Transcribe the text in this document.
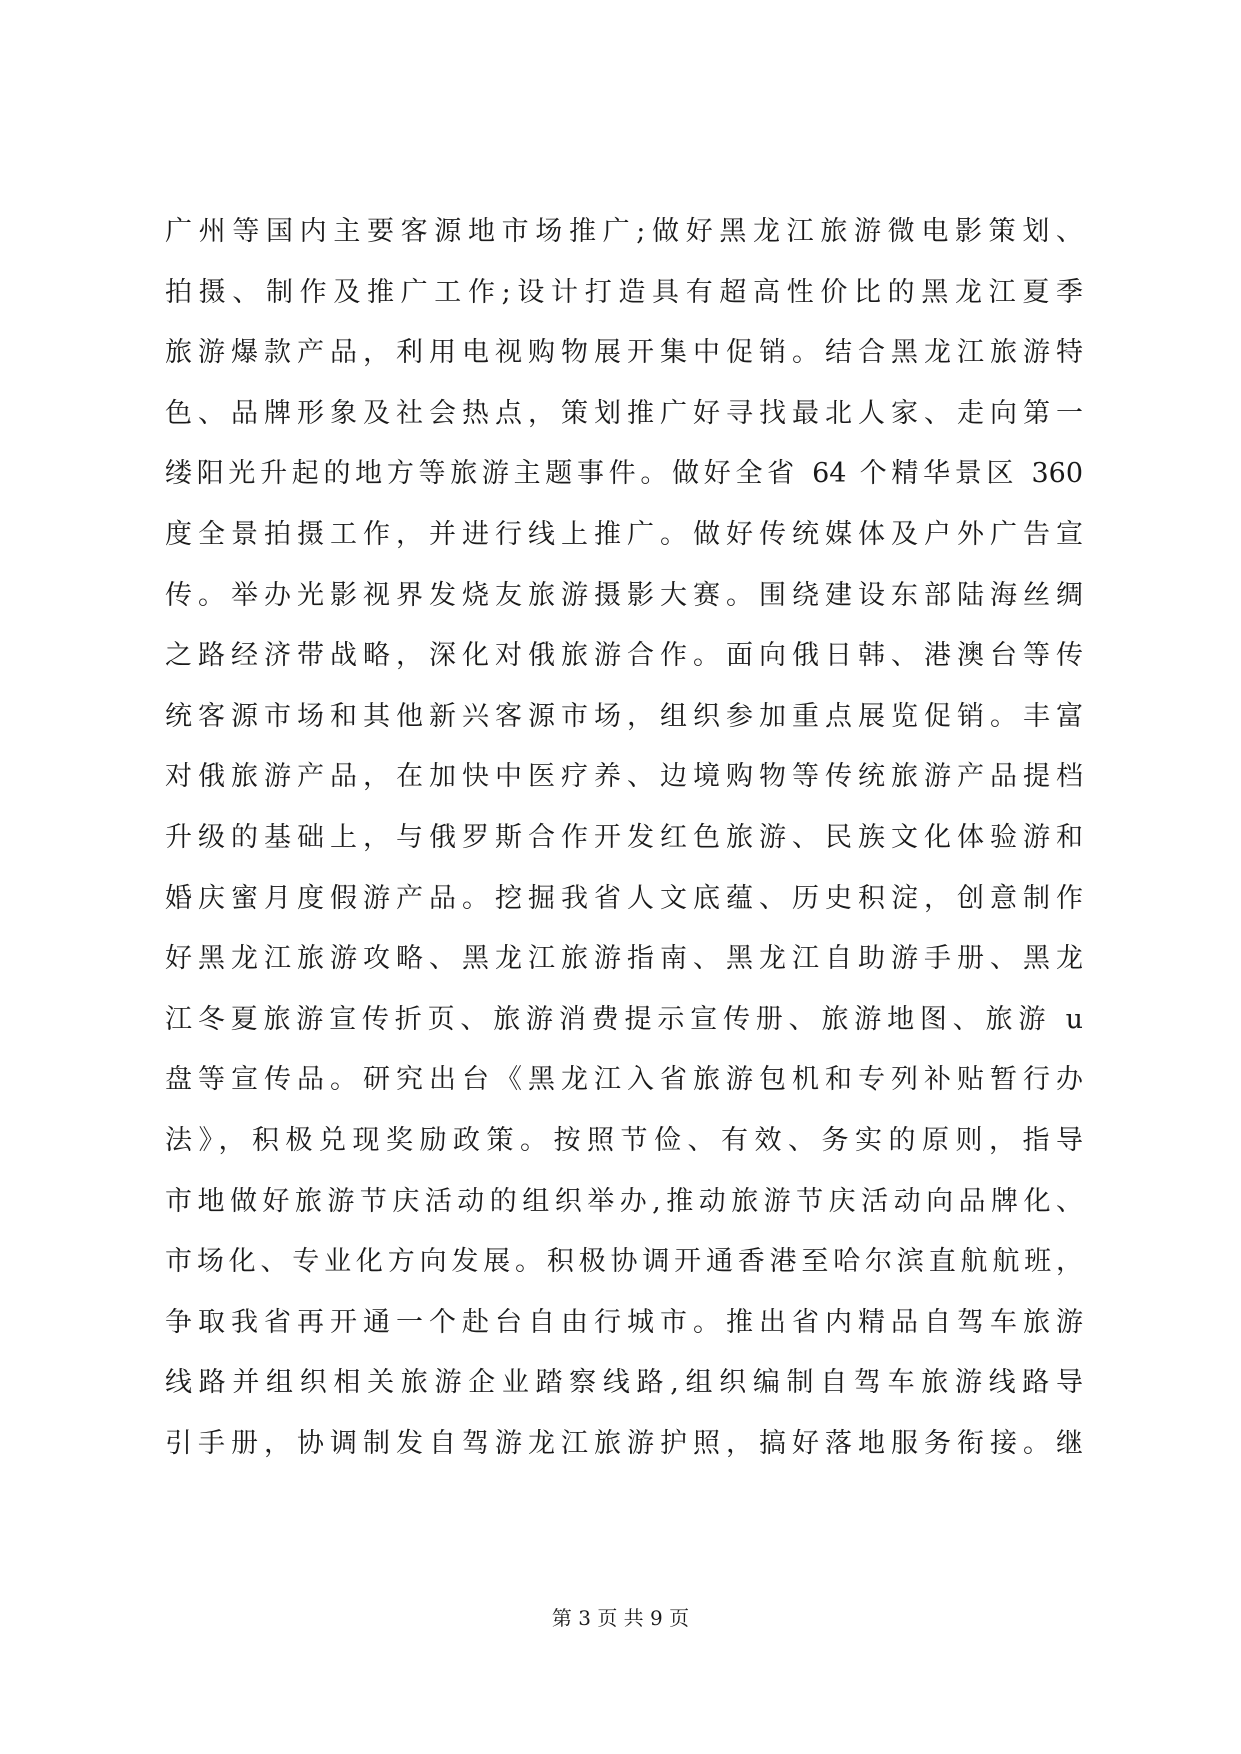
广州等国内主要客源地市场推广;做好黑龙江旅游微电影策划、
拍摄、制作及推广工作;设计打造具有超高性价比的黑龙江夏季
旅游爆款产品，利用电视购物展开集中促销。结合黑龙江旅游特
色、品牌形象及社会热点，策划推广好寻找最北人家、走向第一
缕阳光升起的地方等旅游主题事件。做好全省 64 个精华景区 360
度全景拍摄工作，并进行线上推广。做好传统媒体及户外广告宣
传。举办光影视界发烧友旅游摄影大赛。围绕建设东部陆海丝绸
之路经济带战略，深化对俄旅游合作。面向俄日韩、港澳台等传
统客源市场和其他新兴客源市场，组织参加重点展览促销。丰富
对俄旅游产品，在加快中医疗养、边境购物等传统旅游产品提档
升级的基础上，与俄罗斯合作开发红色旅游、民族文化体验游和
婚庆蜜月度假游产品。挖掘我省人文底蕴、历史积淀，创意制作
好黑龙江旅游攻略、黑龙江旅游指南、黑龙江自助游手册、黑龙
江冬夏旅游宣传折页、旅游消费提示宣传册、旅游地图、旅游 u
盘等宣传品。研究出台《黑龙江入省旅游包机和专列补贴暂行办
法》，积极兑现奖励政策。按照节俭、有效、务实的原则，指导
市地做好旅游节庆活动的组织举办,推动旅游节庆活动向品牌化、
市场化、专业化方向发展。积极协调开通香港至哈尔滨直航航班，
争取我省再开通一个赴台自由行城市。推出省内精品自驾车旅游
线路并组织相关旅游企业踏察线路,组织编制自驾车旅游线路导
引手册，协调制发自驾游龙江旅游护照，搞好落地服务衔接。继
第 3 页 共 9 页
